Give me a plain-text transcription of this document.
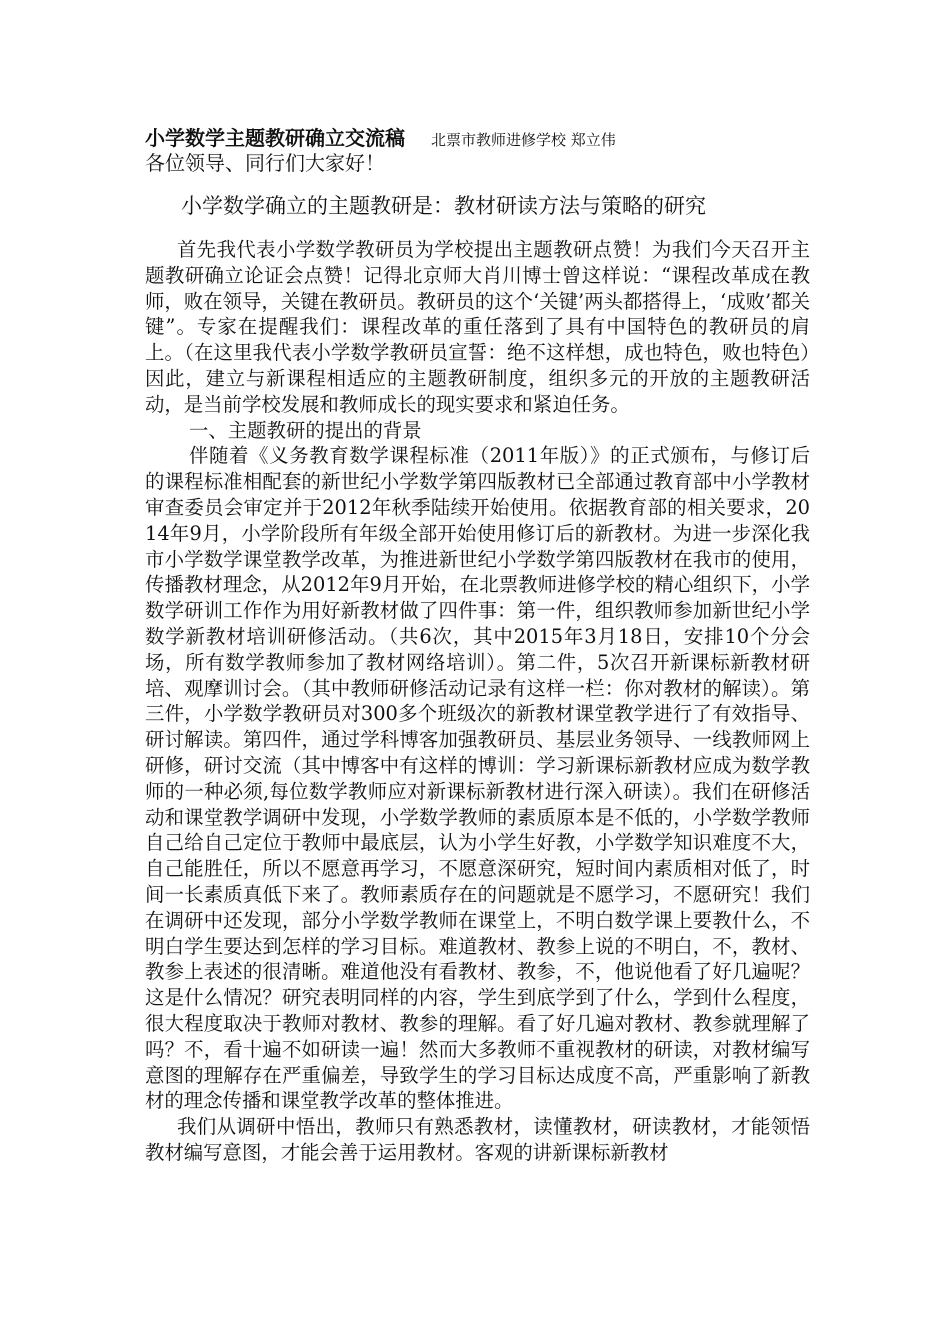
小学数学主题教研确立交流稿 北票市教师进修学校 郑立伟

各位领导、同行们大家好！

小学数学确立的主题教研是：教材研读方法与策略的研究

首先我代表小学数学教研员为学校提出主题教研点赞！为我们今天召开主题教研确立论证会点赞！记得北京师大肖川博士曾这样说：“课程改革成在教师，败在领导，关键在教研员。教研员的这个‘关键’两头都搭得上，‘成败’都关键”。专家在提醒我们：课程改革的重任落到了具有中国特色的教研员的肩上。（在这里我代表小学数学教研员宣誓：绝不这样想，成也特色，败也特色）因此，建立与新课程相适应的主题教研制度，组织多元的开放的主题教研活动，是当前学校发展和教师成长的现实要求和紧迫任务。

一、主题教研的提出的背景

伴随着《义务教育数学课程标准（2011年版）》的正式颁布，与修订后的课程标准相配套的新世纪小学数学第四版教材已全部通过教育部中小学教材审查委员会审定并于2012年秋季陆续开始使用。依据教育部的相关要求，2014年9月，小学阶段所有年级全部开始使用修订后的新教材。为进一步深化我市小学数学课堂教学改革，为推进新世纪小学数学第四版教材在我市的使用，传播教材理念，从2012年9月开始，在北票教师进修学校的精心组织下，小学数学研训工作作为用好新教材做了四件事：第一件，组织教师参加新世纪小学数学新教材培训研修活动。（共6次，其中2015年3月18日，安排10个分会场，所有数学教师参加了教材网络培训）。第二件，5次召开新课标新教材研培、观摩训讨会。（其中教师研修活动记录有这样一栏：你对教材的解读）。第三件，小学数学教研员对300多个班级次的新教材课堂教学进行了有效指导、研讨解读。第四件，通过学科博客加强教研员、基层业务领导、一线教师网上研修，研讨交流（其中博客中有这样的博训：学习新课标新教材应成为数学教师的一种必须,每位数学教师应对新课标新教材进行深入研读）。我们在研修活动和课堂教学调研中发现，小学数学教师的素质原本是不低的，小学数学教师自己给自己定位于教师中最底层，认为小学生好教，小学数学知识难度不大，自己能胜任，所以不愿意再学习，不愿意深研究，短时间内素质相对低了，时间一长素质真低下来了。教师素质存在的问题就是不愿学习，不愿研究！我们在调研中还发现，部分小学数学教师在课堂上，不明白数学课上要教什么，不明白学生要达到怎样的学习目标。难道教材、教参上说的不明白，不，教材、教参上表述的很清晰。难道他没有看教材、教参，不，他说他看了好几遍呢？这是什么情况？研究表明同样的内容，学生到底学到了什么，学到什么程度，很大程度取决于教师对教材、教参的理解。看了好几遍对教材、教参就理解了吗？不，看十遍不如研读一遍！然而大多教师不重视教材的研读，对教材编写意图的理解存在严重偏差，导致学生的学习目标达成度不高，严重影响了新教材的理念传播和课堂教学改革的整体推进。

我们从调研中悟出，教师只有熟悉教材，读懂教材，研读教材，才能领悟教材编写意图，才能会善于运用教材。客观的讲新课标新教材
